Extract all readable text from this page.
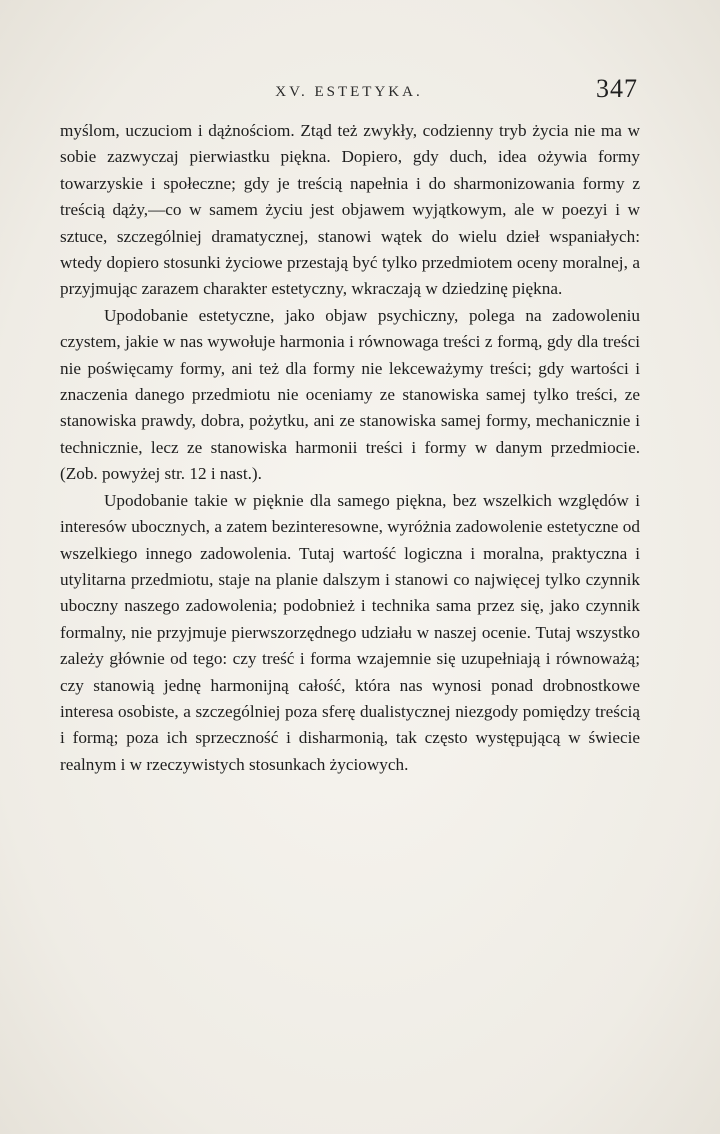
XV. ESTETYKA.	347

myślom, uczuciom i dążnościom. Ztąd też zwykły, codzienny tryb życia nie ma w sobie zazwyczaj pierwiastku piękna. Dopiero, gdy duch, idea ożywia formy towarzyskie i społeczne; gdy je treścią napełnia i do sharmonizowania formy z treścią dąży,—co w samem życiu jest objawem wyjątkowym, ale w poezyi i w sztuce, szczególniej dramatycznej, stanowi wątek do wielu dzieł wspaniałych: wtedy dopiero stosunki życiowe przestają być tylko przedmiotem oceny moralnej, a przyjmując zarazem charakter estetyczny, wkraczają w dziedzinę piękna.

Upodobanie estetyczne, jako objaw psychiczny, polega na zadowoleniu czystem, jakie w nas wywołuje harmonia i równowaga treści z formą, gdy dla treści nie poświęcamy formy, ani też dla formy nie lekceważymy treści; gdy wartości i znaczenia danego przedmiotu nie oceniamy ze stanowiska samej tylko treści, ze stanowiska prawdy, dobra, pożytku, ani ze stanowiska samej formy, mechanicznie i technicznie, lecz ze stanowiska harmonii treści i formy w danym przedmiocie. (Zob. powyżej str. 12 i nast.).

Upodobanie takie w pięknie dla samego piękna, bez wszelkich względów i interesów ubocznych, a zatem bezinteresowne, wyróżnia zadowolenie estetyczne od wszelkiego innego zadowolenia. Tutaj wartość logiczna i moralna, praktyczna i utylitarna przedmiotu, staje na planie dalszym i stanowi co najwięcej tylko czynnik uboczny naszego zadowolenia; podobnież i technika sama przez się, jako czynnik formalny, nie przyjmuje pierwszorzędnego udziału w naszej ocenie. Tutaj wszystko zależy głównie od tego: czy treść i forma wzajemnie się uzupełniają i równoważą; czy stanowią jednę harmonijną całość, która nas wynosi ponad drobnostkowe interesa osobiste, a szczególniej poza sferę dualistycznej niezgody pomiędzy treścią i formą; poza ich sprzeczność i disharmonią, tak często występującą w świecie realnym i w rzeczywistych stosunkach życiowych.
